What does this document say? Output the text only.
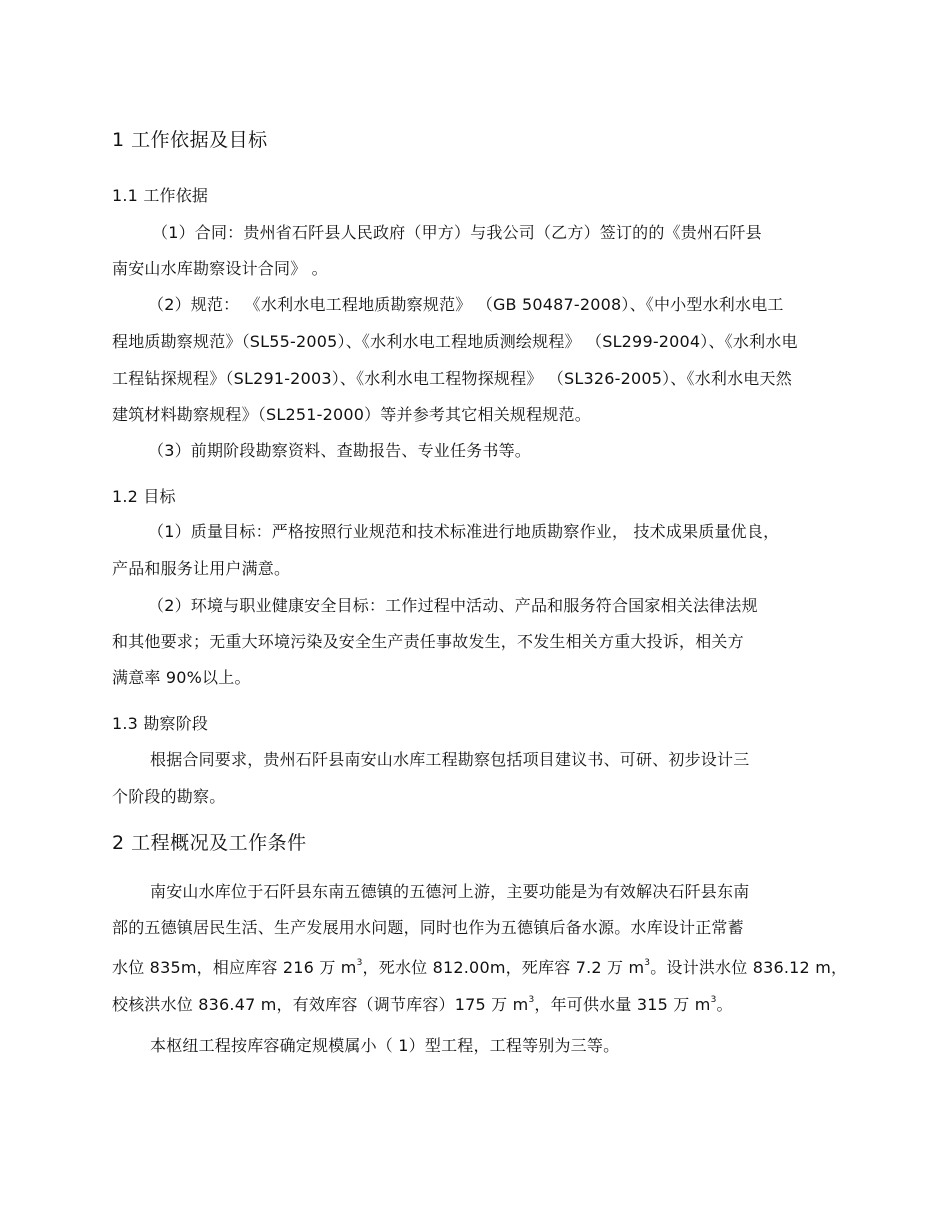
1 工作依据及目标
1.1 工作依据
（1）合同：贵州省石阡县人民政府（甲方）与我公司（乙方）签订的的《贵州石阡县
南安山水库勘察设计合同》 。
（2）规范： 《水利水电工程地质勘察规范》 （GB 50487-2008）、《中小型水利水电工
程地质勘察规范》（SL55-2005）、《水利水电工程地质测绘规程》 （SL299-2004）、《水利水电
工程钻探规程》（SL291-2003）、《水利水电工程物探规程》 （SL326-2005）、《水利水电天然
建筑材料勘察规程》（SL251-2000）等并参考其它相关规程规范。
（3）前期阶段勘察资料、查勘报告、专业任务书等。
1.2 目标
（1）质量目标：严格按照行业规范和技术标准进行地质勘察作业， 技术成果质量优良，
产品和服务让用户满意。
（2）环境与职业健康安全目标：工作过程中活动、产品和服务符合国家相关法律法规
和其他要求；无重大环境污染及安全生产责任事故发生，不发生相关方重大投诉，相关方
满意率 90%以上。
1.3 勘察阶段
根据合同要求，贵州石阡县南安山水库工程勘察包括项目建议书、可研、初步设计三
个阶段的勘察。
2 工程概况及工作条件
南安山水库位于石阡县东南五德镇的五德河上游，主要功能是为有效解决石阡县东南
部的五德镇居民生活、生产发展用水问题，同时也作为五德镇后备水源。水库设计正常蓄
水位 835m，相应库容 216 万 $m^3$，死水位 812.00m，死库容 7.2 万 $m^3$。设计洪水位 836.12 m，
校核洪水位 836.47 m，有效库容（调节库容）175 万 $m^3$，年可供水量 315 万 $m^3$。
本枢纽工程按库容确定规模属小（ 1）型工程，工程等别为三等。
